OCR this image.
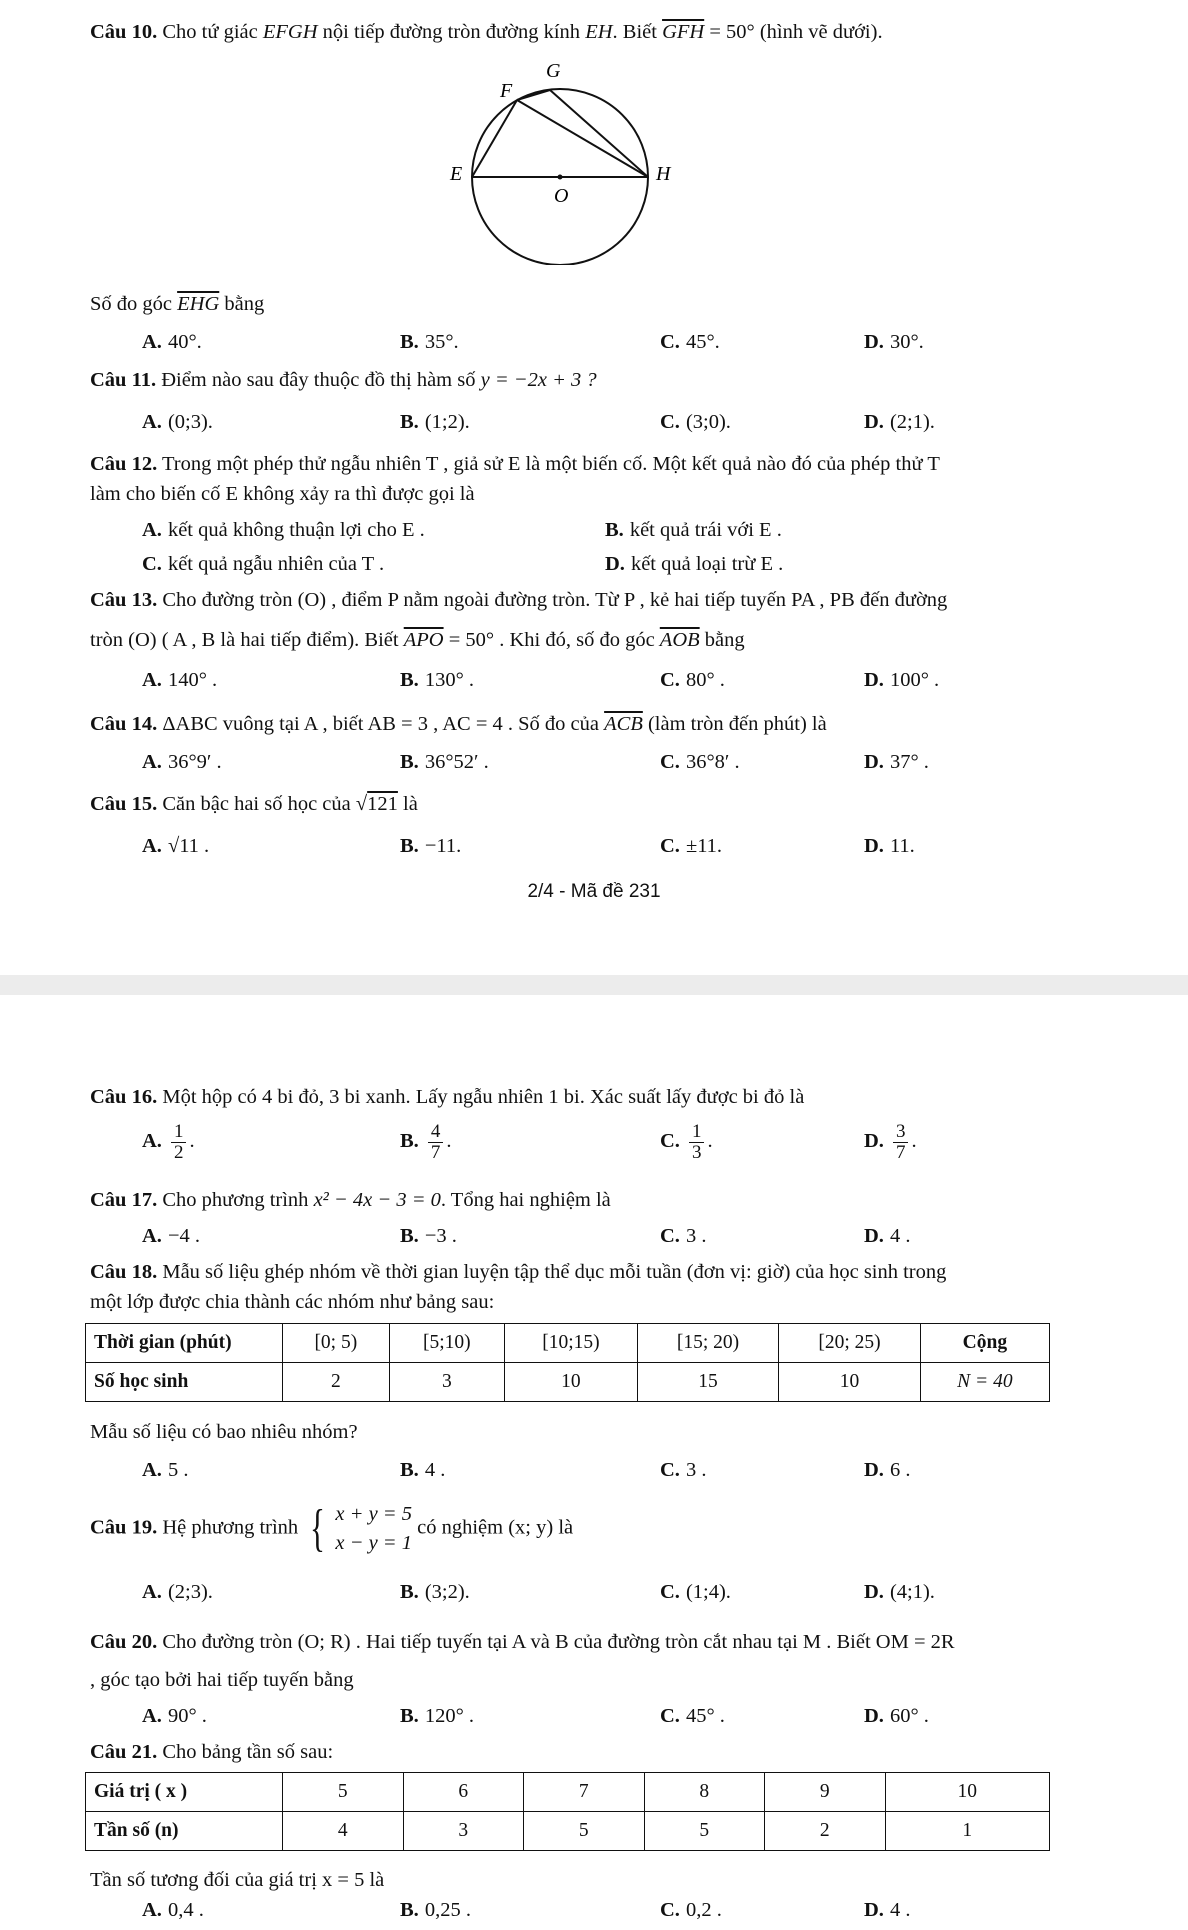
Câu 10. Cho tứ giác EFGH nội tiếp đường tròn đường kính EH. Biết $\overline{GFH} = 50^\circ$ (hình vẽ dưới).
G
F
E
O
H
Số đo góc $\overline{EHG}$ bằng
A. 40°.	B. 35°.	C. 45°.	D. 30°.
Câu 11. Điểm nào sau đây thuộc đồ thị hàm số y = −2x + 3 ?
A. (0;3).	B. (1;2).	C. (3;0).	D. (2;1).
Câu 12. Trong một phép thử ngẫu nhiên T , giả sử E là một biến cố. Một kết quả nào đó của phép thử T
làm cho biến cố E không xảy ra thì được gọi là
A. kết quả không thuận lợi cho E .	B. kết quả trái với E .
C. kết quả ngẫu nhiên của T .	D. kết quả loại trừ E .
Câu 13. Cho đường tròn (O) , điểm P nằm ngoài đường tròn. Từ P , kẻ hai tiếp tuyến PA , PB đến đường
tròn (O) ( A , B là hai tiếp điểm). Biết $\overline{APO} = 50^\circ$ . Khi đó, số đo góc $\overline{AOB}$ bằng
A. 140° .	B. 130° .	C. 80° .	D. 100° .
Câu 14. ΔABC vuông tại A , biết AB = 3 , AC = 4 . Số đo của $\overline{ACB}$ (làm tròn đến phút) là
A. 36°9′ .	B. 36°52′ .	C. 36°8′ .	D. 37° .
Câu 15. Căn bậc hai số học của √121 là
A. √11 .	B. −11.	C. ±11.	D. 11.
2/4 - Mã đề 231
Câu 16. Một hộp có 4 bi đỏ, 3 bi xanh. Lấy ngẫu nhiên 1 bi. Xác suất lấy được bi đỏ là
A. $\frac{1}{2}$ .	B. $\frac{4}{7}$ .	C. $\frac{1}{3}$ .	D. $\frac{3}{7}$ .
Câu 17. Cho phương trình x² − 4x − 3 = 0. Tổng hai nghiệm là
A. −4 .	B. −3 .	C. 3 .	D. 4 .
Câu 18. Mẫu số liệu ghép nhóm về thời gian luyện tập thể dục mỗi tuần (đơn vị: giờ) của học sinh trong
một lớp được chia thành các nhóm như bảng sau:
Thời gian (phút)	[0; 5)	[5;10)	[10;15)	[15; 20)	[20; 25)	Cộng
Số học sinh	2	3	10	15	10	N = 40
Mẫu số liệu có bao nhiêu nhóm?
A. 5 .	B. 4 .	C. 3 .	D. 6 .
Câu 19. Hệ phương trình { x + y = 5
x − y = 1
có nghiệm (x; y) là
A. (2;3).	B. (3;2).	C. (1;4).	D. (4;1).
Câu 20. Cho đường tròn (O; R) . Hai tiếp tuyến tại A và B của đường tròn cắt nhau tại M . Biết OM = 2R
, góc tạo bởi hai tiếp tuyến bằng
A. 90° .	B. 120° .	C. 45° .	D. 60° .
Câu 21. Cho bảng tần số sau:
Giá trị ( x )	5	6	7	8	9	10
Tần số (n)	4	3	5	5	2	1
Tần số tương đối của giá trị x = 5 là
A. 0,4 .	B. 0,25 .	C. 0,2 .	D. 4 .
